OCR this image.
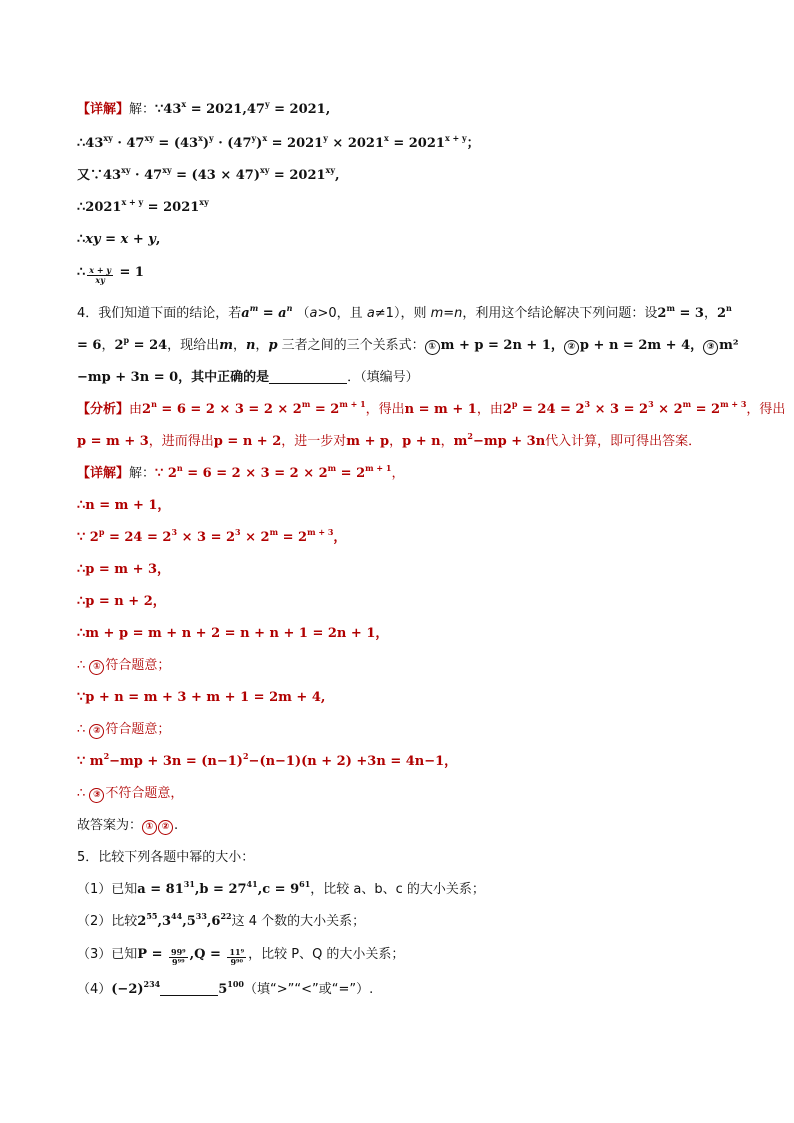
【详解】解：$\because 43^x = 2021,47^y = 2021$,
$\therefore 43^{xy} \cdot 47^{xy} = (43^x)^y \cdot (47^y)^x = 2021^y \times 2021^x = 2021^{x + y}$；
又$\because 43^{xy} \cdot 47^{xy} = (43 \times 47)^{xy} = 2021^{xy}$,
$\therefore 2021^{x + y} = 2021^{xy}$
∴xy = x + y,
∴ $\frac{x + y}{xy} = 1$
4．我们知道下面的结论，若$a^m = a^n$ （a>0，且 a≠1），则 m=n，利用这个结论解决下列问题：设$2^m = 3$，$2^n$
= 6，$2^p = 24$，现给出m，n，p 三者之间的三个关系式： ① m + p = 2n + 1， ② p + n = 2m + 4， ③ m²
−mp + 3n = 0，其中正确的是	．（填编号）
【分析】由$2^n = 6 = 2 \times 3 = 2 \times 2^m = 2^{m + 1}$，得出n = m + 1，由$2^p = 24 = 2^3 \times 3 = 2^3 \times 2^m = 2^{m + 3}$，得出
p = m + 3，进而得出p = n + 2，进一步对m + p，p + n，$m^2-mp + 3n$代入计算，即可得出答案．
【详解】解：∵ $2^n = 6 = 2 \times 3 = 2 \times 2^m = 2^{m + 1}$，
∴n = m + 1，
∵ $2^p = 24 = 2^3 \times 3 = 2^3 \times 2^m = 2^{m + 3}$，
∴p = m + 3，
∴p = n + 2，
∴m + p = m + n + 2 = n + n + 1 = 2n + 1，
∴ ① 符合题意；
∵p + n = m + 3 + m + 1 = 2m + 4,
∴ ② 符合题意；
∵ $m^2-mp + 3n = (n-1)^2-(n-1)(n + 2) +3n = 4n-1$，
∴ ③ 不符合题意，
故答案为： ① ② .
5．比较下列各题中幂的大小：
（1）已知$a = 81^{31},b = 27^{41},c = 9^{61}$，比较 a、b、c 的大小关系；
（2）比较$2^{55},3^{44},5^{33},6^{22}$这 4 个数的大小关系；
（3）已知$P = \frac{\text{99⁹}}{\text{9⁹⁹}} ,Q = \frac{\text{11⁹}}{\text{9⁹⁰}}$ ，比较 P、Q 的大小关系；
$(4)(-2)^{234}$	$5^{100}$（填“>”“<”或“=”）.
